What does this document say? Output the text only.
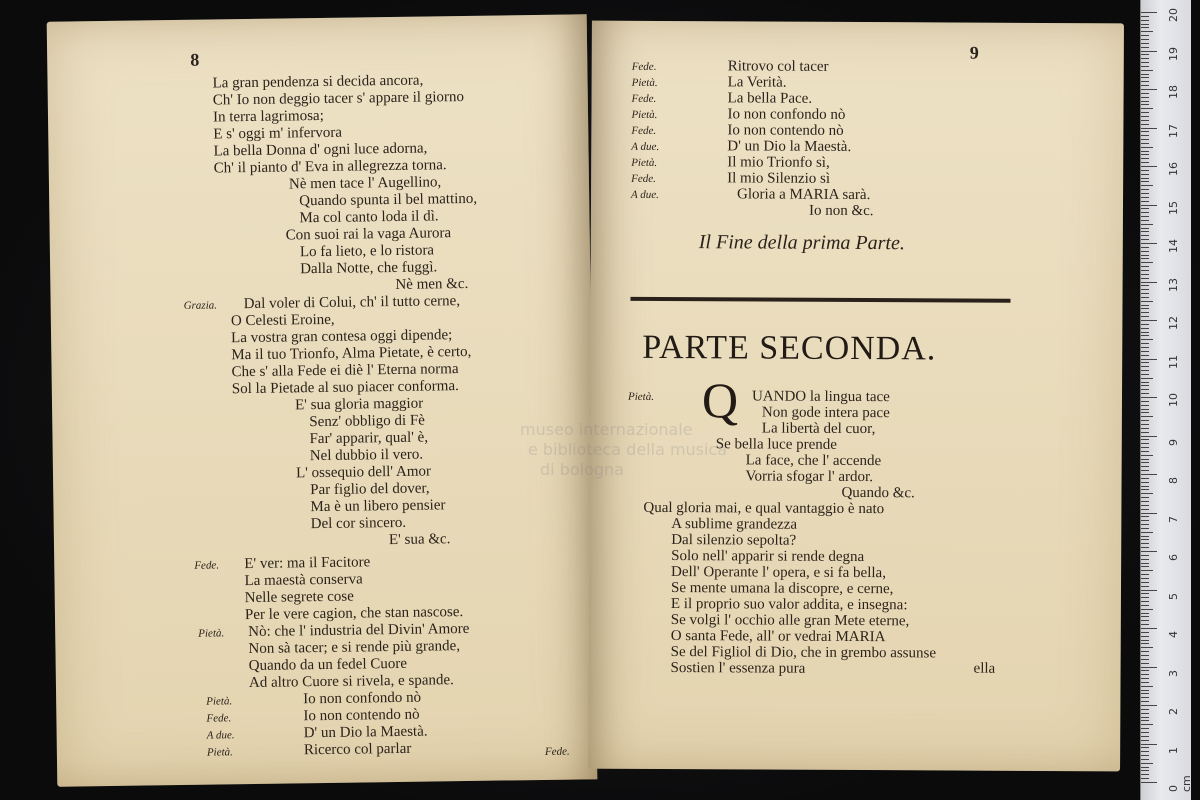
8
La gran pendenza si decida ancora,
Ch' Io non deggio tacer s' appare il giorno
In terra lagrimosa;
E s' oggi m' infervora
La bella Donna d' ogni luce adorna,
Ch' il pianto d' Eva in allegrezza torna.
Nè men tace l' Augellino,
Quando spunta il bel mattino,
Ma col canto loda il dì.
Con suoi rai la vaga Aurora
Lo fa lieto, e lo ristora
Dalla Notte, che fuggì.
Nè men &c.
Grazia. Dal voler di Colui, ch' il tutto cerne,
O Celesti Eroine,
La vostra gran contesa oggi dipende;
Ma il tuo Trionfo, Alma Pietate, è certo,
Che s' alla Fede ei diè l' Eterna norma
Sol la Pietade al suo piacer conforma.
E' sua gloria maggior
Senz' obbligo di Fè
Far' apparir, qual' è,
Nel dubbio il vero.
L' ossequio dell' Amor
Par figlio del dover,
Ma è un libero pensier
Del cor sincero.
E' sua &c.
Fede. E' ver: ma il Facitore
La maestà conserva
Nelle segrete cose
Per le vere cagion, che stan nascose.
Pietà. Nò: che l' industria del Divin' Amore
Non sà tacer; e si rende più grande,
Quando da un fedel Cuore
Ad altro Cuore si rivela, e spande.
Pietà.	Io non confondo nò
Fede.	Io non contendo nò
A due.	D' un Dio la Maestà.
Pietà.	Ricerco col parlar	Fede.
9
Fede.	Ritrovo col tacer
Pietà.	La Verità.
Fede.	La bella Pace.
Pietà.	Io non confondo nò
Fede.	Io non contendo nò
A due.	D' un Dio la Maestà.
Pietà.	Il mio Trionfo sì,
Fede.	Il mio Silenzio sì
A due.	Gloria a MARIA sarà.
Io non &c.
Il Fine della prima Parte.
PARTE SECONDA.
Pietà. Q UANDO la lingua tace
Non gode intera pace
La libertà del cuor,
Se bella luce prende
La face, che l' accende
Vorria sfogar l' ardor.
Quando &c.
Qual gloria mai, e qual vantaggio è nato
A sublime grandezza
Dal silenzio sepolta?
Solo nell' apparir si rende degna
Dell' Operante l' opera, e si fa bella,
Se mente umana la discopre, e cerne,
E il proprio suo valor addita, e insegna:
Se volgi l' occhio alle gran Mete eterne,
O santa Fede, all' or vedrai MARIA
Se del Figliol di Dio, che in grembo assunse
Sostien l' essenza pura	ella
museo internazionale
e biblioteca della musica
di bologna
20
19
18
17
16
15
14
13
12
11
10
9
8
7
6
5
4
3
2
1
0 cm
